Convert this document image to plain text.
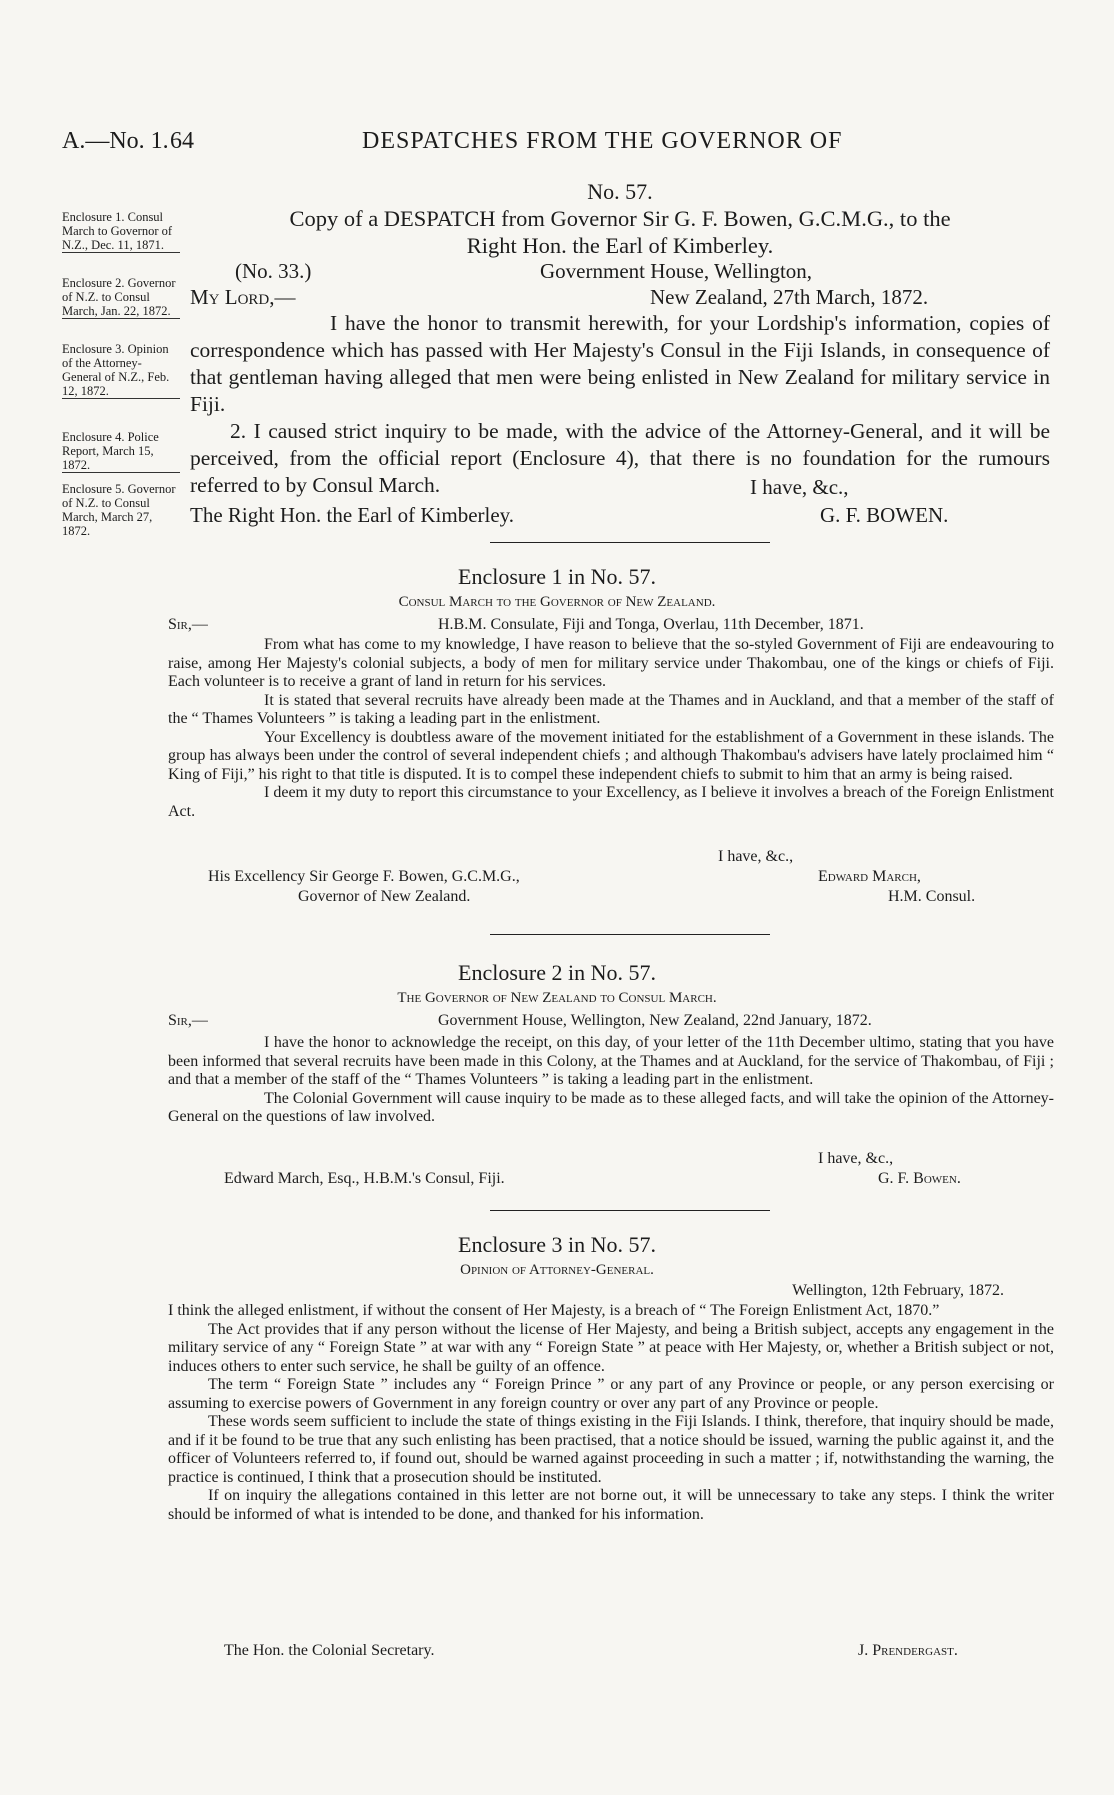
A.—No. 1. 64	DESPATCHES FROM THE GOVERNOR OF
No. 57.
Enclosure 1. Consul March to Governor of N.Z., Dec. 11, 1871.
Enclosure 2. Governor of N.Z. to Consul March, Jan. 22, 1872.
Enclosure 3. Opinion of the Attorney-General of N.Z., Feb. 12, 1872.
Enclosure 4. Police Report, March 15, 1872.
Enclosure 5. Governor of N.Z. to Consul March, March 27, 1872.
Copy of a DESPATCH from Governor Sir G. F. Bowen, G.C.M.G., to the
Right Hon. the Earl of Kimberley.
(No. 33.)	Government House, Wellington,
My Lord,—	New Zealand, 27th March, 1872.

I have the honor to transmit herewith, for your Lordship's information, copies of correspondence which has passed with Her Majesty's Consul in the Fiji Islands, in consequence of that gentleman having alleged that men were being enlisted in New Zealand for military service in Fiji.

2. I caused strict inquiry to be made, with the advice of the Attorney-General, and it will be perceived, from the official report (Enclosure 4), that there is no foundation for the rumours referred to by Consul March.	I have, &c.,
The Right Hon. the Earl of Kimberley.	G. F. BOWEN.
Enclosure 1 in No. 57.
Consul March to the Governor of New Zealand.
Sir,—	H.B.M. Consulate, Fiji and Tonga, Overlau, 11th December, 1871.

From what has come to my knowledge, I have reason to believe that the so-styled Government of Fiji are endeavouring to raise, among Her Majesty's colonial subjects, a body of men for military service under Thakombau, one of the kings or chiefs of Fiji. Each volunteer is to receive a grant of land in return for his services.

It is stated that several recruits have already been made at the Thames and in Auckland, and that a member of the staff of the “ Thames Volunteers ” is taking a leading part in the enlistment.

Your Excellency is doubtless aware of the movement initiated for the establishment of a Government in these islands. The group has always been under the control of several independent chiefs ; and although Thakombau's advisers have lately proclaimed him “ King of Fiji,” his right to that title is disputed. It is to compel these independent chiefs to submit to him that an army is being raised.

I deem it my duty to report this circumstance to your Excellency, as I believe it involves a breach of the Foreign Enlistment Act.

I have, &c.,
His Excellency Sir George F. Bowen, G.C.M.G.,	Edward March,
Governor of New Zealand.	H.M. Consul.
Enclosure 2 in No. 57.
The Governor of New Zealand to Consul March.
Sir,—	Government House, Wellington, New Zealand, 22nd January, 1872.

I have the honor to acknowledge the receipt, on this day, of your letter of the 11th December ultimo, stating that you have been informed that several recruits have been made in this Colony, at the Thames and at Auckland, for the service of Thakombau, of Fiji ; and that a member of the staff of the “ Thames Volunteers ” is taking a leading part in the enlistment.

The Colonial Government will cause inquiry to be made as to these alleged facts, and will take the opinion of the Attorney-General on the questions of law involved.

I have, &c.,
Edward March, Esq., H.B.M.'s Consul, Fiji.	G. F. Bowen.
Enclosure 3 in No. 57.
Opinion of Attorney-General.
Wellington, 12th February, 1872.

I think the alleged enlistment, if without the consent of Her Majesty, is a breach of “ The Foreign Enlistment Act, 1870.”

The Act provides that if any person without the license of Her Majesty, and being a British subject, accepts any engagement in the military service of any “ Foreign State ” at war with any “ Foreign State ” at peace with Her Majesty, or, whether a British subject or not, induces others to enter such service, he shall be guilty of an offence.

The term “ Foreign State ” includes any “ Foreign Prince ” or any part of any Province or people, or any person exercising or assuming to exercise powers of Government in any foreign country or over any part of any Province or people.

These words seem sufficient to include the state of things existing in the Fiji Islands. I think, therefore, that inquiry should be made, and if it be found to be true that any such enlisting has been practised, that a notice should be issued, warning the public against it, and the officer of Volunteers referred to, if found out, should be warned against proceeding in such a matter ; if, notwithstanding the warning, the practice is continued, I think that a prosecution should be instituted.

If on inquiry the allegations contained in this letter are not borne out, it will be unnecessary to take any steps. I think the writer should be informed of what is intended to be done, and thanked for his information.

The Hon. the Colonial Secretary.	J. Prendergast.
